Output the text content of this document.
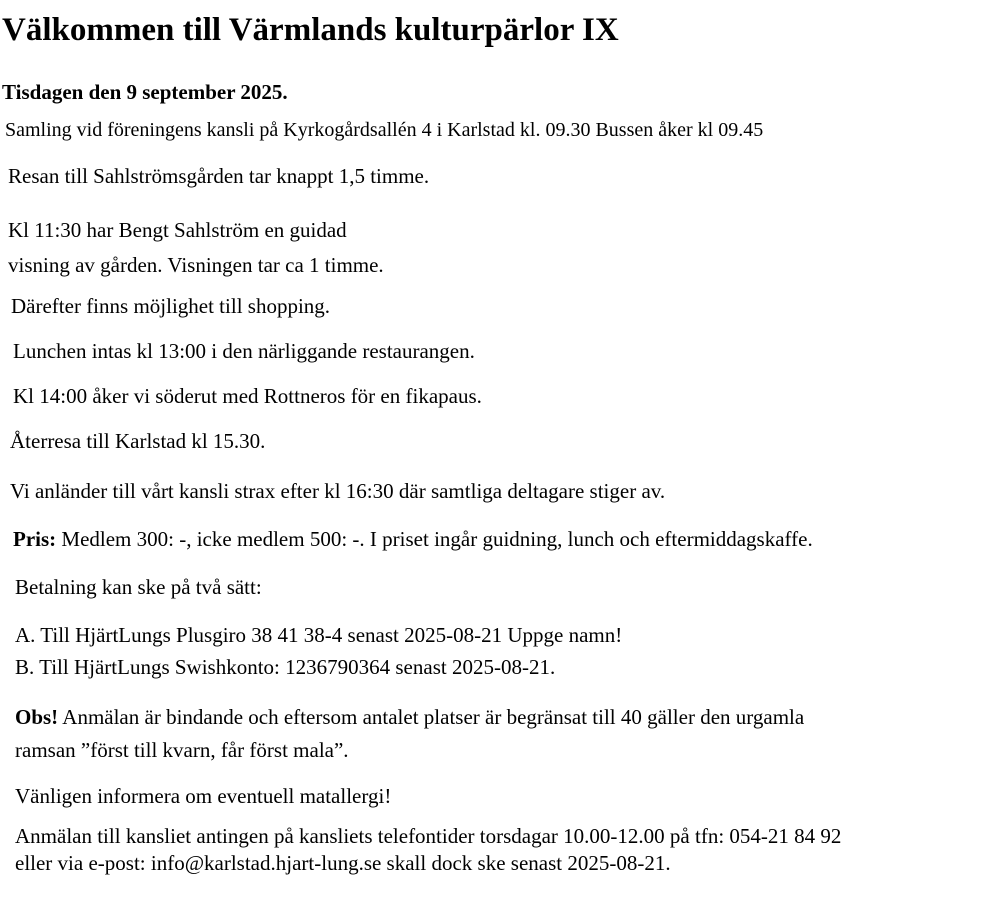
Välkommen till Värmlands kulturpärlor IX
Tisdagen den 9 september 2025.
Samling vid föreningens kansli på Kyrkogårdsallén 4 i Karlstad kl. 09.30 Bussen åker kl 09.45
Resan till Sahlströmsgården tar knappt 1,5 timme.
Kl 11:30 har Bengt Sahlström en guidad
visning av gården. Visningen tar ca 1 timme.
Därefter finns möjlighet till shopping.
Lunchen intas kl 13:00 i den närliggande restaurangen.
Kl 14:00 åker vi söderut med Rottneros för en fikapaus.
Återresa till Karlstad kl 15.30.
Vi anländer till vårt kansli strax efter kl 16:30 där samtliga deltagare stiger av.
Pris: Medlem 300: -, icke medlem 500: -. I priset ingår guidning, lunch och eftermiddagskaffe.
Betalning kan ske på två sätt:
A. Till HjärtLungs Plusgiro 38 41 38-4 senast 2025-08-21 Uppge namn!
B. Till HjärtLungs Swishkonto: 1236790364 senast 2025-08-21.
Obs! Anmälan är bindande och eftersom antalet platser är begränsat till 40 gäller den urgamla
ramsan ”först till kvarn, får först mala”.
Vänligen informera om eventuell matallergi!
Anmälan till kansliet antingen på kansliets telefontider torsdagar 10.00-12.00 på tfn: 054-21 84 92
eller via e-post: info@karlstad.hjart-lung.se skall dock ske senast 2025-08-21.
